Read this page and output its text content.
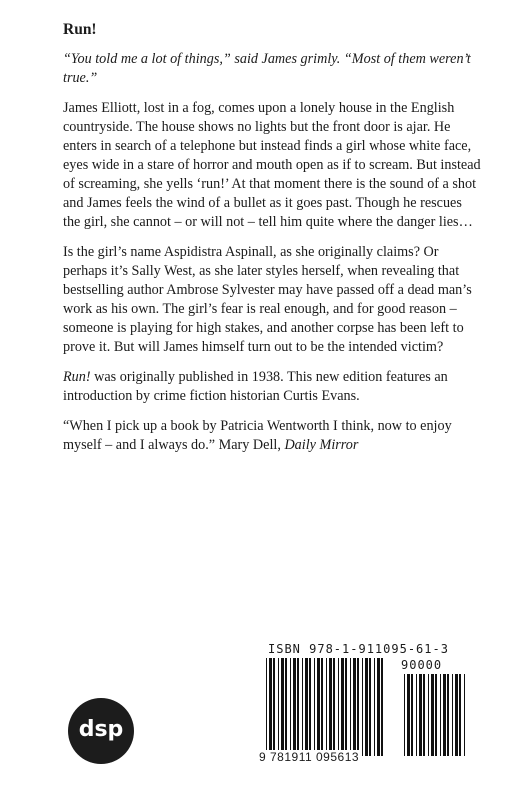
Run!

“You told me a lot of things,” said James grimly. “Most of them weren’t true.”

James Elliott, lost in a fog, comes upon a lonely house in the English countryside. The house shows no lights but the front door is ajar. He enters in search of a telephone but instead finds a girl whose white face, eyes wide in a stare of horror and mouth open as if to scream. But instead of screaming, she yells ‘run!’ At that moment there is the sound of a shot and James feels the wind of a bullet as it goes past. Though he rescues the girl, she cannot – or will not – tell him quite where the danger lies…

Is the girl’s name Aspidistra Aspinall, as she originally claims? Or perhaps it’s Sally West, as she later styles herself, when revealing that bestselling author Ambrose Sylvester may have passed off a dead man’s work as his own. The girl’s fear is real enough, and for good reason – someone is playing for high stakes, and another corpse has been left to prove it. But will James himself turn out to be the intended victim?

Run! was originally published in 1938. This new edition features an introduction by crime fiction historian Curtis Evans.

“When I pick up a book by Patricia Wentworth I think, now to enjoy myself – and I always do.” Mary Dell, Daily Mirror

dsp
ISBN 978-1-911095-61-3
90000
9 781911 095613
